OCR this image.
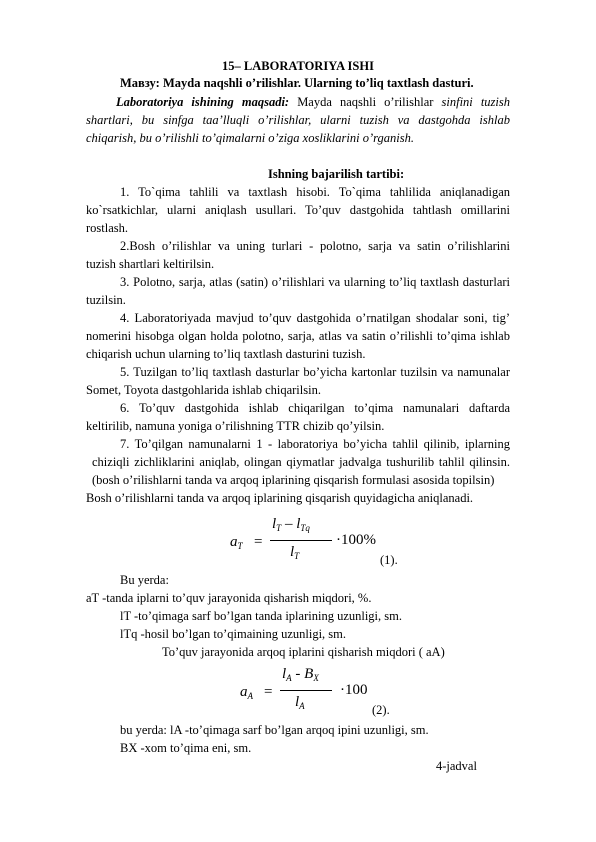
15– LABORATORIYA ISHI
Мавзу: Mayda naqshli o’rilishlar. Ularning to’liq taxtlash dasturi.
Laboratoriya ishining maqsadi: Mayda naqshli o’rilishlar sinfini tuzish
shartlari, bu sinfga taa’lluqli o’rilishlar, ularni tuzish va dastgohda ishlab
chiqarish, bu o’rilishli to’qimalarni o’ziga xosliklarini o’rganish.
Ishning bajarilish tartibi:
1. To`qima tahlili va taxtlash hisobi. To`qima tahlilida aniqlanadigan
ko`rsatkichlar, ularni aniqlash usullari. To’quv dastgohida tahtlash omillarini
rostlash.
2.Bosh o’rilishlar va uning turlari - polotno, sarja va satin o’rilishlarini
tuzish shartlari keltirilsin.
3. Polotno, sarja, atlas (satin) o’rilishlari va ularning to’liq taxtlash dasturlari
tuzilsin.
4. Laboratoriyada mavjud to’quv dastgohida o’rnatilgan shodalar soni, tig’
nomerini hisobga olgan holda polotno, sarja, atlas va satin o’rilishli to’qima ishlab
chiqarish uchun ularning to’liq taxtlash dasturini tuzish.
5. Tuzilgan to’liq taxtlash dasturlar bo’yicha kartonlar tuzilsin va namunalar
Somet, Toyota dastgohlarida ishlab chiqarilsin.
6. To’quv dastgohida ishlab chiqarilgan to’qima namunalari daftarda
keltirilib, namuna yoniga o’rilishning TTR chizib qo’yilsin.
7. To’qilgan namunalarni 1 - laboratoriya bo’yicha tahlil qilinib, iplarning
chiziqli zichliklarini aniqlab, olingan qiymatlar jadvalga tushurilib tahlil qilinsin.
(bosh o’rilishlarni tanda va arqoq iplarining qisqarish formulasi asosida topilsin)
Bosh o’rilishlarni tanda va arqoq iplarining qisqarish quyidagicha aniqlanadi.
$a_T$ =
$l_T - l_{Tq}$
$l_T$
·100%
(1).
Bu yerda:
aT -tanda iplarni to’quv jarayonida qisharish miqdori, %.
lT -to’qimaga sarf bo’lgan tanda iplarining uzunligi, sm.
lTq -hosil bo’lgan to’qimaining uzunligi, sm.
To’quv jarayonida arqoq iplarini qisharish miqdori ( aA)
$a_A$ =
$l_A - B_X$
$l_A$
·100
(2).
bu yerda: lA -to’qimaga sarf bo’lgan arqoq ipini uzunligi, sm.
BX -xom to’qima eni, sm.
4-jadval
